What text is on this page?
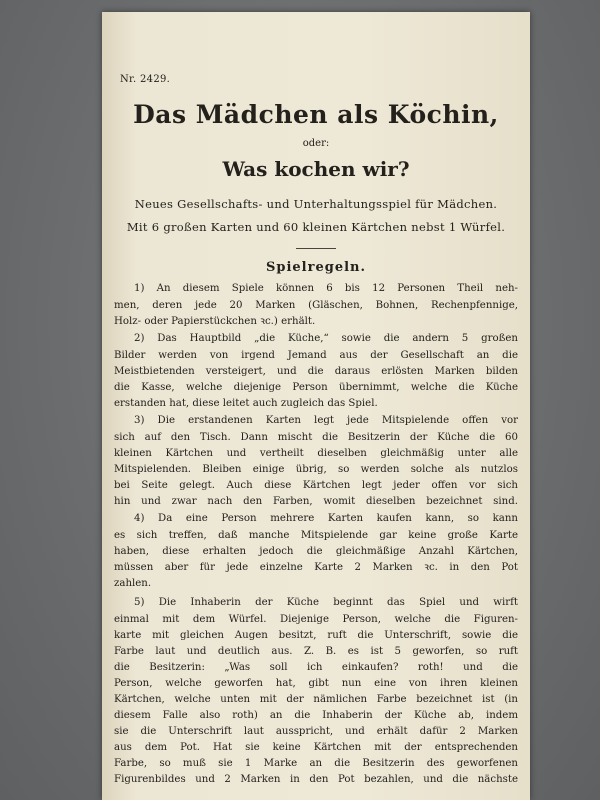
Nr. 2429.
Das Mädchen als Köchin,
oder:
Was kochen wir?
Neues Gesellschafts- und Unterhaltungsspiel für Mädchen.
Mit 6 großen Karten und 60 kleinen Kärtchen nebst 1 Würfel.
Spielregeln.
1) An diesem Spiele können 6 bis 12 Personen Theil neh-
men, deren jede 20 Marken (Gläschen, Bohnen, Rechenpfennige,
Holz- oder Papierstückchen ꝛc.) erhält.
2) Das Hauptbild „die Küche,“ sowie die andern 5 großen
Bilder werden von irgend Jemand aus der Gesellschaft an die
Meistbietenden versteigert, und die daraus erlösten Marken bilden
die Kasse, welche diejenige Person übernimmt, welche die Küche
erstanden hat, diese leitet auch zugleich das Spiel.
3) Die erstandenen Karten legt jede Mitspielende offen vor
sich auf den Tisch. Dann mischt die Besitzerin der Küche die 60
kleinen Kärtchen und vertheilt dieselben gleichmäßig unter alle
Mitspielenden. Bleiben einige übrig, so werden solche als nutzlos
bei Seite gelegt. Auch diese Kärtchen legt jeder offen vor sich
hin und zwar nach den Farben, womit dieselben bezeichnet sind.
4) Da eine Person mehrere Karten kaufen kann, so kann
es sich treffen, daß manche Mitspielende gar keine große Karte
haben, diese erhalten jedoch die gleichmäßige Anzahl Kärtchen,
müssen aber für jede einzelne Karte 2 Marken ꝛc. in den Pot
zahlen.
5) Die Inhaberin der Küche beginnt das Spiel und wirft
einmal mit dem Würfel. Diejenige Person, welche die Figuren-
karte mit gleichen Augen besitzt, ruft die Unterschrift, sowie die
Farbe laut und deutlich aus. Z. B. es ist 5 geworfen, so ruft
die Besitzerin: „Was soll ich einkaufen? roth! und die
Person, welche geworfen hat, gibt nun eine von ihren kleinen
Kärtchen, welche unten mit der nämlichen Farbe bezeichnet ist (in
diesem Falle also roth) an die Inhaberin der Küche ab, indem
sie die Unterschrift laut ausspricht, und erhält dafür 2 Marken
aus dem Pot. Hat sie keine Kärtchen mit der entsprechenden
Farbe, so muß sie 1 Marke an die Besitzerin des geworfenen
Figurenbildes und 2 Marken in den Pot bezahlen, und die nächste
